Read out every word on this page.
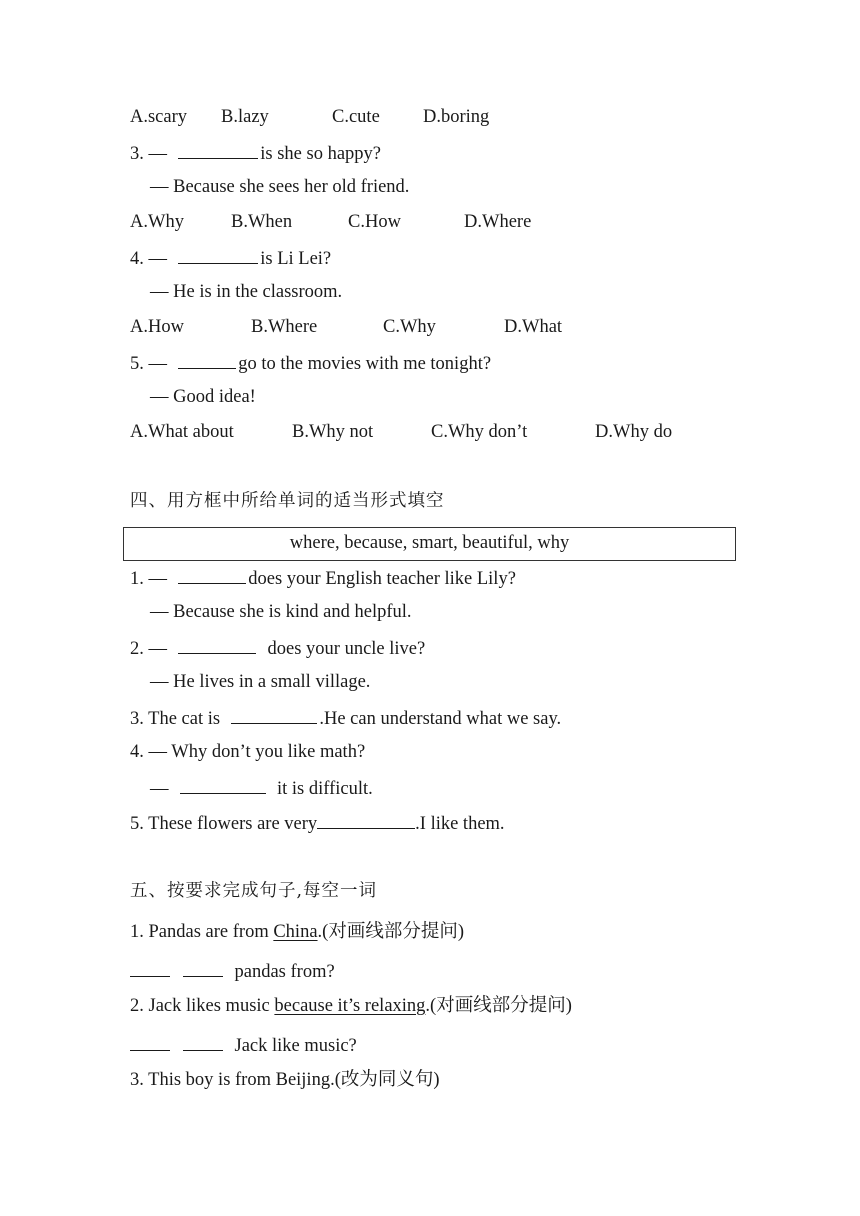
A.scary B.lazy	C.cute D.boring
3. —	is she so happy?
— Because she sees her old friend.
A.Why	B.When	C.How	D.Where
4. —	is Li Lei?
— He is in the classroom.
A.How	B.Where	C.Why	D.What
5. —	go to the movies with me tonight?
— Good idea!
A.What about	B.Why not	C.Why don’t	D.Why do
四、用方框中所给单词的适当形式填空
where, because, smart, beautiful, why
1. —	does your English teacher like Lily?
— Because she is kind and helpful.
2. —	does your uncle live?
— He lives in a small village.
3. The cat is	.He can understand what we say.
4. — Why don’t you like math?
—	it is difficult.
5. These flowers are very	.I like them.
五、按要求完成句子,每空一词
1. Pandas are from China.(对画线部分提问)
pandas from?
2. Jack likes music because it’s relaxing.(对画线部分提问)
Jack like music?
3. This boy is from Beijing.(改为同义句)
